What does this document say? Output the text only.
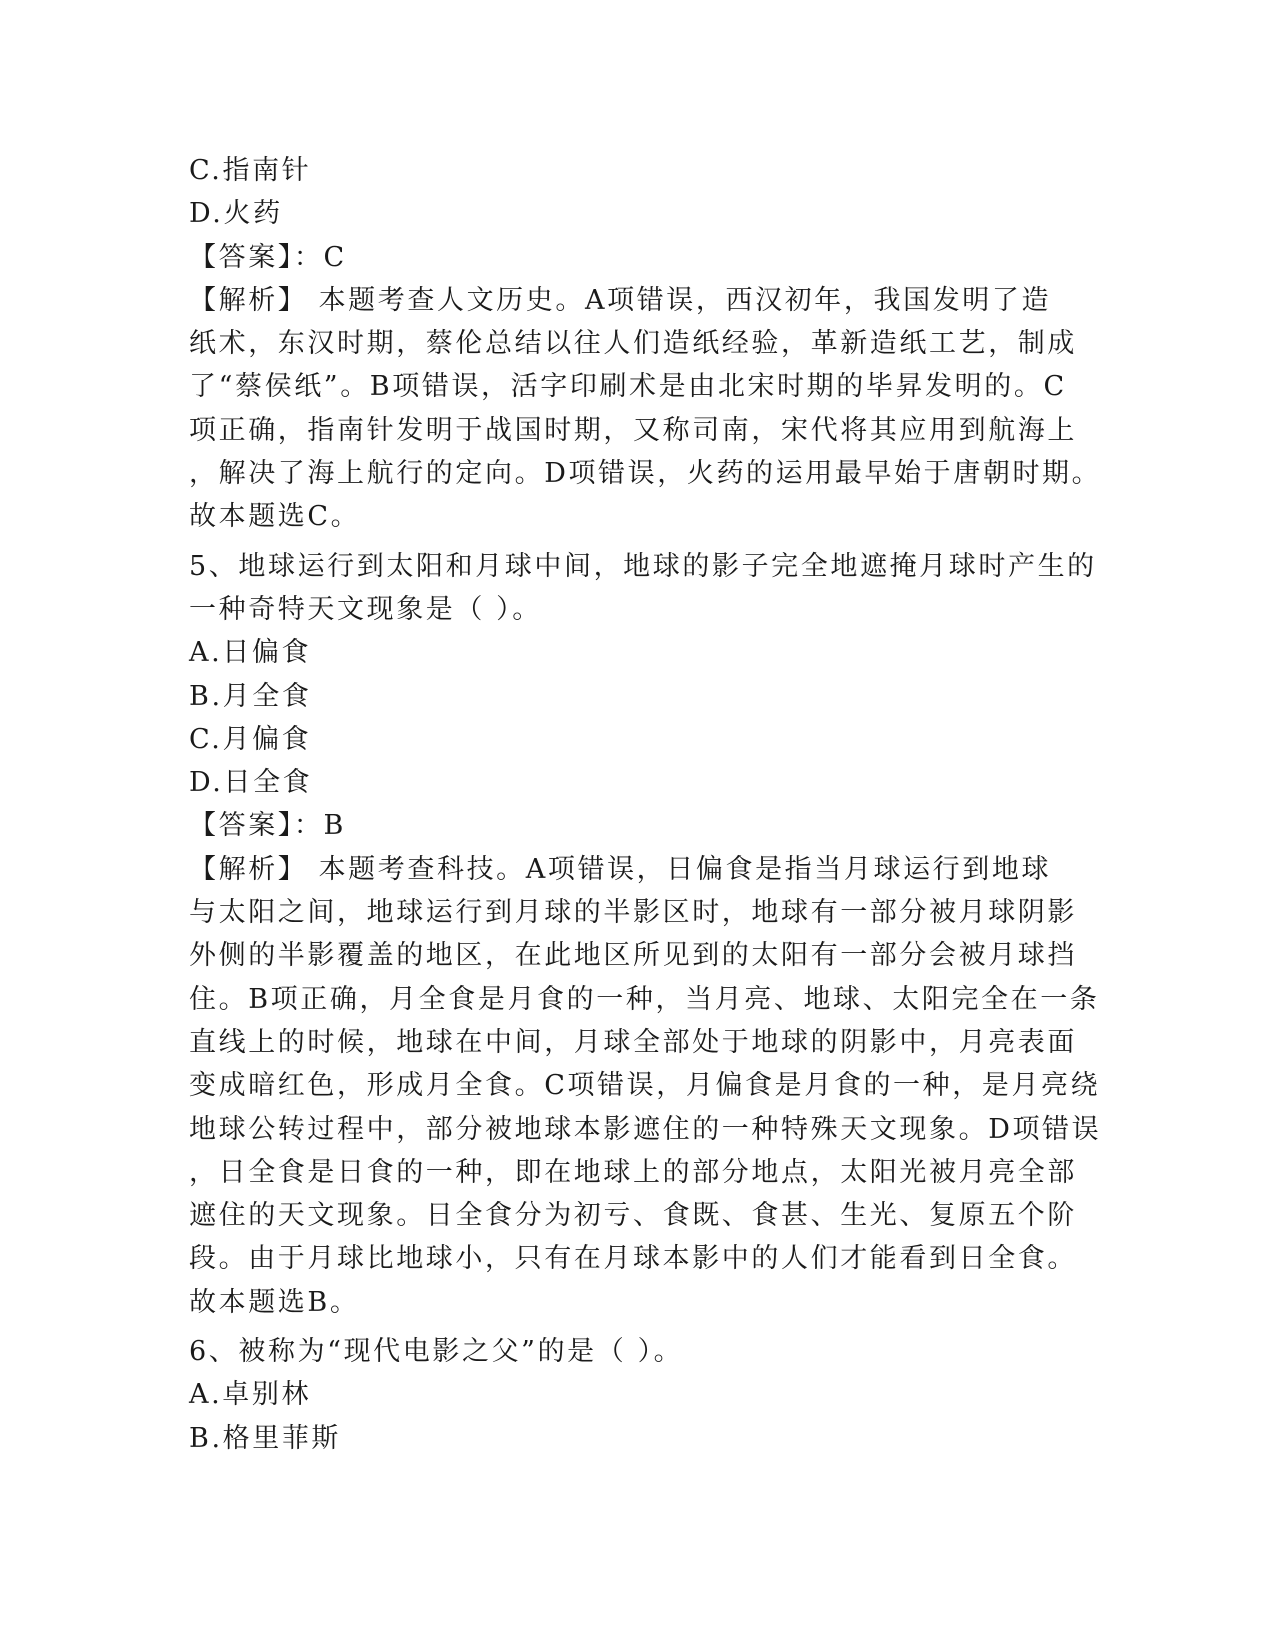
C.指南针
D.火药
【答案】：C
【解析】 本题考查人文历史。A项错误，西汉初年，我国发明了造
纸术，东汉时期，蔡伦总结以往人们造纸经验，革新造纸工艺，制成
了“蔡侯纸”。B项错误，活字印刷术是由北宋时期的毕昇发明的。C
项正确，指南针发明于战国时期，又称司南，宋代将其应用到航海上
，解决了海上航行的定向。D项错误，火药的运用最早始于唐朝时期。
故本题选C。
5、地球运行到太阳和月球中间，地球的影子完全地遮掩月球时产生的
一种奇特天文现象是（ ）。
A.日偏食
B.月全食
C.月偏食
D.日全食
【答案】：B
【解析】 本题考查科技。A项错误，日偏食是指当月球运行到地球
与太阳之间，地球运行到月球的半影区时，地球有一部分被月球阴影
外侧的半影覆盖的地区，在此地区所见到的太阳有一部分会被月球挡
住。B项正确，月全食是月食的一种，当月亮、地球、太阳完全在一条
直线上的时候，地球在中间，月球全部处于地球的阴影中，月亮表面
变成暗红色，形成月全食。C项错误，月偏食是月食的一种，是月亮绕
地球公转过程中，部分被地球本影遮住的一种特殊天文现象。D项错误
，日全食是日食的一种，即在地球上的部分地点，太阳光被月亮全部
遮住的天文现象。日全食分为初亏、食既、食甚、生光、复原五个阶
段。由于月球比地球小，只有在月球本影中的人们才能看到日全食。
故本题选B。
6、被称为“现代电影之父”的是（ ）。
A.卓别林
B.格里菲斯
